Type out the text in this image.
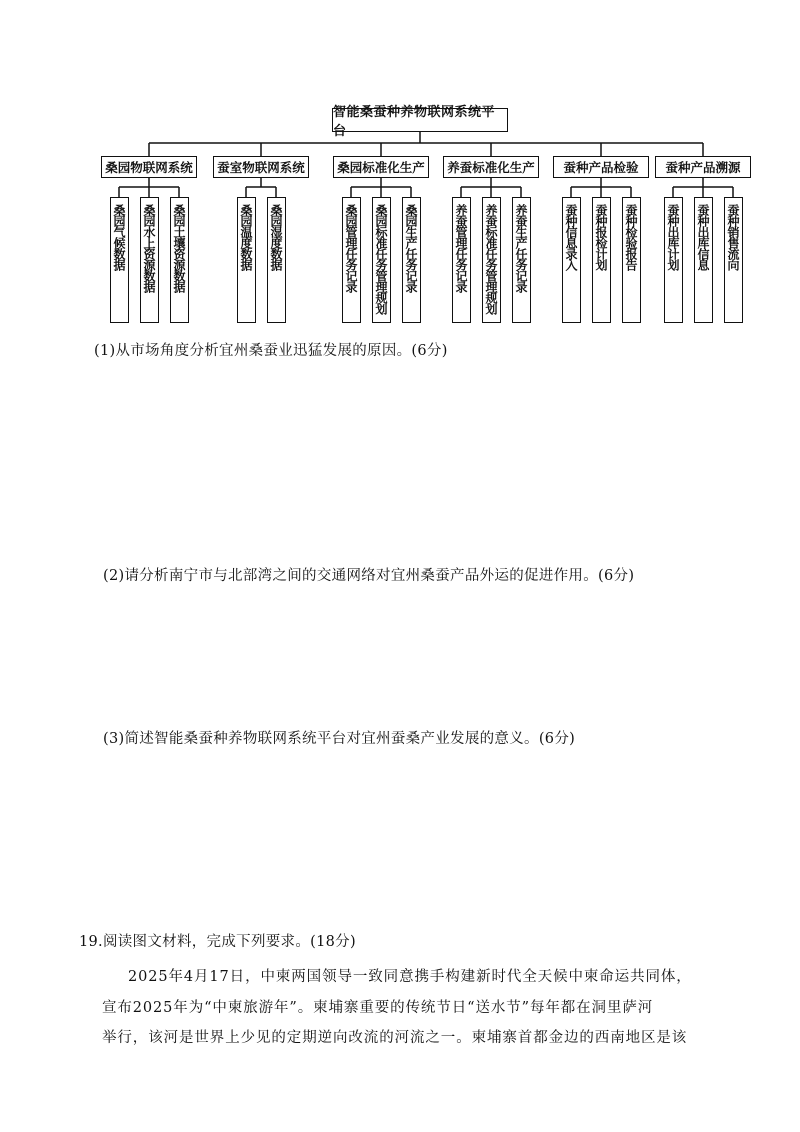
智能桑蚕种养物联网系统平台
桑园物联网系统
桑园气候数据 桑园水上资源数据 桑园土壤资源数据
蚕室物联网系统
桑园温度数据 桑园湿度数据
桑园标准化生产
桑园管理任务记录 桑园标准任务管理规划 桑园生产任务记录
养蚕标准化生产
养蚕管理任务记录 养蚕标准任务管理规划 养蚕生产任务记录
蚕种产品检验
蚕种信息录入 蚕种报检计划 蚕种检验报告
蚕种产品溯源
蚕种出库计划 蚕种出库信息 蚕种销售流向
(1)从市场角度分析宜州桑蚕业迅猛发展的原因。(6分)
(2)请分析南宁市与北部湾之间的交通网络对宜州桑蚕产品外运的促进作用。(6分)
(3)简述智能桑蚕种养物联网系统平台对宜州蚕桑产业发展的意义。(6分)
19.阅读图文材料，完成下列要求。(18分)
2025年4月17日，中柬两国领导一致同意携手构建新时代全天候中柬命运共同体，
宣布2025年为“中柬旅游年”。柬埔寨重要的传统节日“送水节”每年都在洞里萨河
举行，该河是世界上少见的定期逆向改流的河流之一。柬埔寨首都金边的西南地区是该
